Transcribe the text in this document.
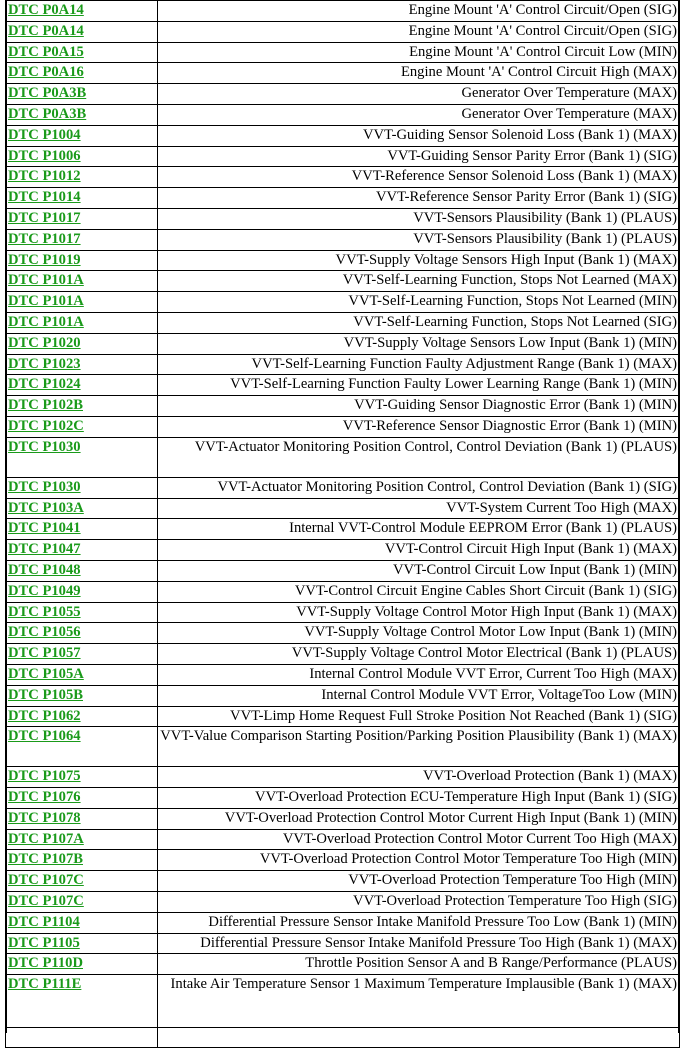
DTC P0A14	Engine Mount 'A' Control Circuit/Open (SIG)
DTC P0A14	Engine Mount 'A' Control Circuit/Open (SIG)
DTC P0A15	Engine Mount 'A' Control Circuit Low (MIN)
DTC P0A16	Engine Mount 'A' Control Circuit High (MAX)
DTC P0A3B	Generator Over Temperature (MAX)
DTC P0A3B	Generator Over Temperature (MAX)
DTC P1004	VVT-Guiding Sensor Solenoid Loss (Bank 1) (MAX)
DTC P1006	VVT-Guiding Sensor Parity Error (Bank 1) (SIG)
DTC P1012	VVT-Reference Sensor Solenoid Loss (Bank 1) (MAX)
DTC P1014	VVT-Reference Sensor Parity Error (Bank 1) (SIG)
DTC P1017	VVT-Sensors Plausibility (Bank 1) (PLAUS)
DTC P1017	VVT-Sensors Plausibility (Bank 1) (PLAUS)
DTC P1019	VVT-Supply Voltage Sensors High Input (Bank 1) (MAX)
DTC P101A	VVT-Self-Learning Function, Stops Not Learned (MAX)
DTC P101A	VVT-Self-Learning Function, Stops Not Learned (MIN)
DTC P101A	VVT-Self-Learning Function, Stops Not Learned (SIG)
DTC P1020	VVT-Supply Voltage Sensors Low Input (Bank 1) (MIN)
DTC P1023	VVT-Self-Learning Function Faulty Adjustment Range (Bank 1) (MAX)
DTC P1024	VVT-Self-Learning Function Faulty Lower Learning Range (Bank 1) (MIN)
DTC P102B	VVT-Guiding Sensor Diagnostic Error (Bank 1) (MIN)
DTC P102C	VVT-Reference Sensor Diagnostic Error (Bank 1) (MIN)
DTC P1030	VVT-Actuator Monitoring Position Control, Control Deviation (Bank 1) (PLAUS)
DTC P1030	VVT-Actuator Monitoring Position Control, Control Deviation (Bank 1) (SIG)
DTC P103A	VVT-System Current Too High (MAX)
DTC P1041	Internal VVT-Control Module EEPROM Error (Bank 1) (PLAUS)
DTC P1047	VVT-Control Circuit High Input (Bank 1) (MAX)
DTC P1048	VVT-Control Circuit Low Input (Bank 1) (MIN)
DTC P1049	VVT-Control Circuit Engine Cables Short Circuit (Bank 1) (SIG)
DTC P1055	VVT-Supply Voltage Control Motor High Input (Bank 1) (MAX)
DTC P1056	VVT-Supply Voltage Control Motor Low Input (Bank 1) (MIN)
DTC P1057	VVT-Supply Voltage Control Motor Electrical (Bank 1) (PLAUS)
DTC P105A	Internal Control Module VVT Error, Current Too High (MAX)
DTC P105B	Internal Control Module VVT Error, VoltageToo Low (MIN)
DTC P1062	VVT-Limp Home Request Full Stroke Position Not Reached (Bank 1) (SIG)
DTC P1064	VVT-Value Comparison Starting Position/Parking Position Plausibility (Bank 1) (MAX)
DTC P1075	VVT-Overload Protection (Bank 1) (MAX)
DTC P1076	VVT-Overload Protection ECU-Temperature High Input (Bank 1) (SIG)
DTC P1078	VVT-Overload Protection Control Motor Current High Input (Bank 1) (MIN)
DTC P107A	VVT-Overload Protection Control Motor Current Too High (MAX)
DTC P107B	VVT-Overload Protection Control Motor Temperature Too High (MIN)
DTC P107C	VVT-Overload Protection Temperature Too High (MIN)
DTC P107C	VVT-Overload Protection Temperature Too High (SIG)
DTC P1104	Differential Pressure Sensor Intake Manifold Pressure Too Low (Bank 1) (MIN)
DTC P1105	Differential Pressure Sensor Intake Manifold Pressure Too High (Bank 1) (MAX)
DTC P110D	Throttle Position Sensor A and B Range/Performance (PLAUS)
DTC P111E	Intake Air Temperature Sensor 1 Maximum Temperature Implausible (Bank 1) (MAX)
